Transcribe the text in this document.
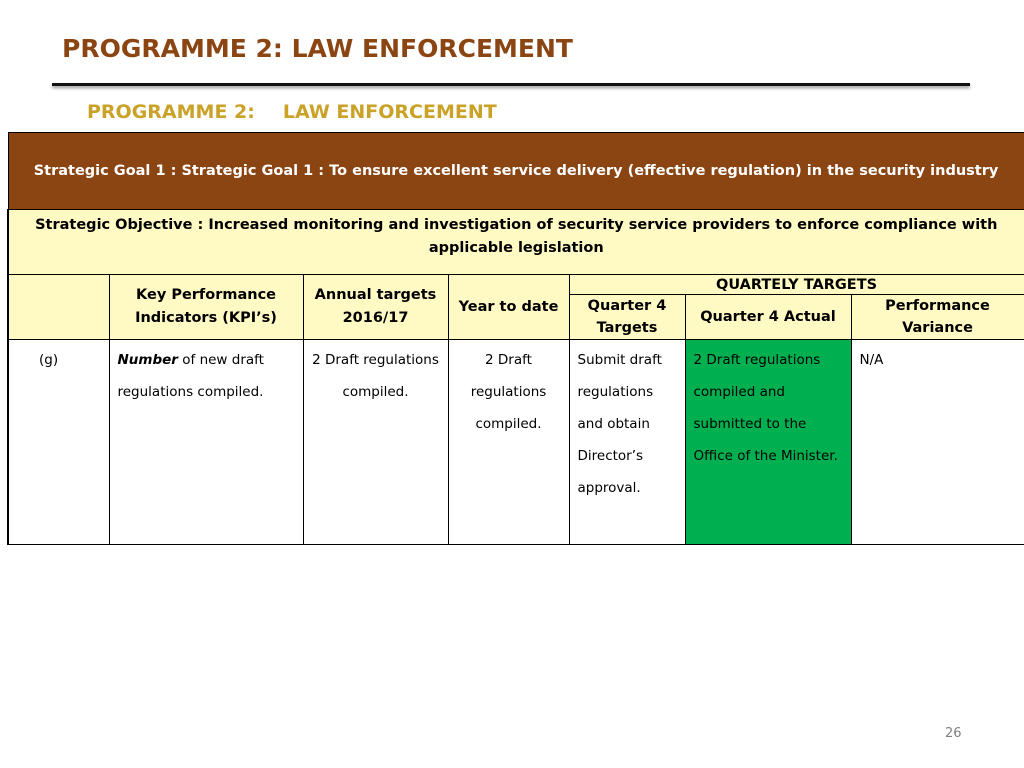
PROGRAMME 2: LAW ENFORCEMENT
PROGRAMME 2: LAW ENFORCEMENT
Strategic Goal 1 : Strategic Goal 1 : To ensure excellent service delivery (effective regulation) in the security industry						
Strategic Objective : Increased monitoring and investigation of security service providers to enforce compliance with applicable legislation						
	Key Performance Indicators (KPI’s)	Annual targets 2016/17	Year to date	QUARTELY TARGETS		
				Quarter 4 Targets	Quarter 4 Actual	Performance Variance
(g)	Number of new draft regulations compiled.	2 Draft regulations compiled.	2 Draft regulations compiled.	Submit draft regulations and obtain Director’s approval.	2 Draft regulations compiled and submitted to the Office of the Minister.	N/A
26
